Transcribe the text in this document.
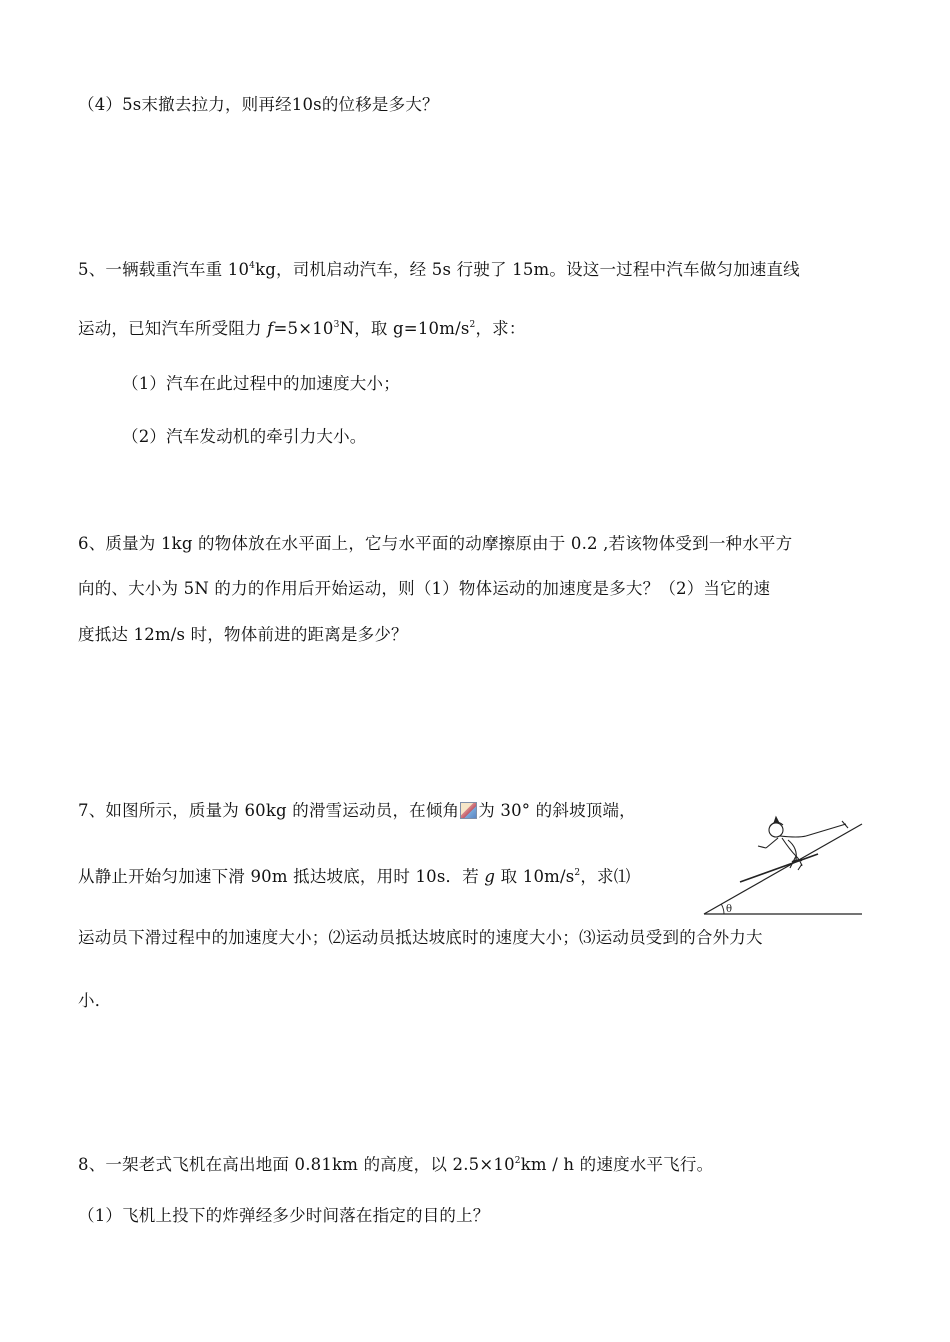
（4）5s末撤去拉力，则再经10s的位移是多大？
5、一辆载重汽车重 $10^4kg$，司机启动汽车，经 5s 行驶了 15m。设这一过程中汽车做匀加速直线
运动，已知汽车所受阻力 $f=5\times 10^3N$，取 $g=10m/s^2$，求：
（1）汽车在此过程中的加速度大小；
（2）汽车发动机的牵引力大小。
6、质量为 1kg 的物体放在水平面上，它与水平面的动摩擦原由于 0.2 ,若该物体受到一种水平方
向的、大小为 5N 的力的作用后开始运动，则（1）物体运动的加速度是多大？（2）当它的速
度抵达 12m/s 时，物体前进的距离是多少？
7、如图所示，质量为 60kg 的滑雪运动员，在倾角 为 30° 的斜坡顶端，
从静止开始匀加速下滑 90m 抵达坡底，用时 10s．若 g 取 $10m/s^2$，求⑴
运动员下滑过程中的加速度大小；⑵运动员抵达坡底时的速度大小；⑶运动员受到的合外力大
小．
θ
8、一架老式飞机在高出地面 0.81km 的高度，以 $2.5\times 10^2km / h$ 的速度水平飞行。
（1）飞机上投下的炸弹经多少时间落在指定的目的上？
